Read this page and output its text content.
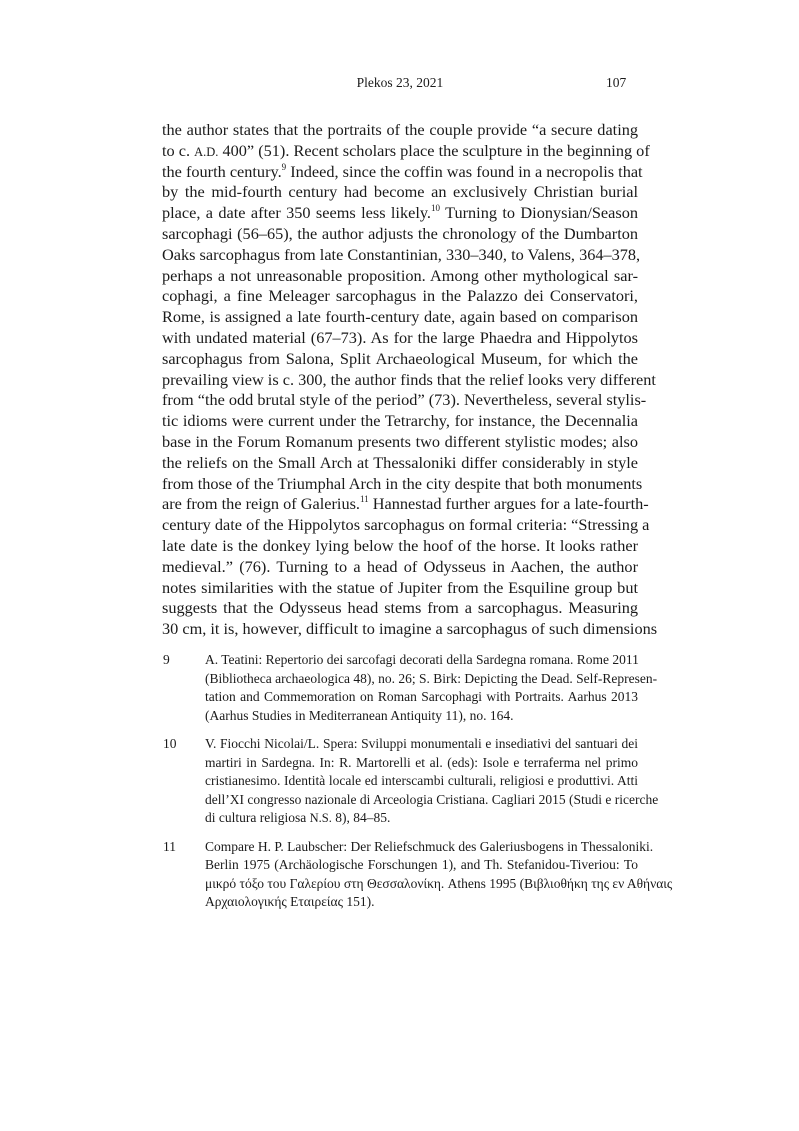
Plekos 23, 2021	107
the author states that the portraits of the couple provide “a secure dating
to c. A.D. 400” (51). Recent scholars place the sculpture in the beginning of
the fourth century.$^9$ Indeed, since the coffin was found in a necropolis that
by the mid-fourth century had become an exclusively Christian burial
place, a date after 350 seems less likely.$^{10}$ Turning to Dionysian/Season
sarcophagi (56–65), the author adjusts the chronology of the Dumbarton
Oaks sarcophagus from late Constantinian, 330–340, to Valens, 364–378,
perhaps a not unreasonable proposition. Among other mythological sar-
cophagi, a fine Meleager sarcophagus in the Palazzo dei Conservatori,
Rome, is assigned a late fourth-century date, again based on comparison
with undated material (67–73). As for the large Phaedra and Hippolytos
sarcophagus from Salona, Split Archaeological Museum, for which the
prevailing view is c. 300, the author finds that the relief looks very different
from “the odd brutal style of the period” (73). Nevertheless, several stylis-
tic idioms were current under the Tetrarchy, for instance, the Decennalia
base in the Forum Romanum presents two different stylistic modes; also
the reliefs on the Small Arch at Thessaloniki differ considerably in style
from those of the Triumphal Arch in the city despite that both monuments
are from the reign of Galerius.$^{11}$ Hannestad further argues for a late-fourth-
century date of the Hippolytos sarcophagus on formal criteria: “Stressing a
late date is the donkey lying below the hoof of the horse. It looks rather
medieval.” (76). Turning to a head of Odysseus in Aachen, the author
notes similarities with the statue of Jupiter from the Esquiline group but
suggests that the Odysseus head stems from a sarcophagus. Measuring
30 cm, it is, however, difficult to imagine a sarcophagus of such dimensions
9	A. Teatini: Repertorio dei sarcofagi decorati della Sardegna romana. Rome 2011
(Bibliotheca archaeologica 48), no. 26; S. Birk: Depicting the Dead. Self-Represen-
tation and Commemoration on Roman Sarcophagi with Portraits. Aarhus 2013
(Aarhus Studies in Mediterranean Antiquity 11), no. 164.
10 V. Fiocchi Nicolai/L. Spera: Sviluppi monumentali e insediativi del santuari dei
martiri in Sardegna. In: R. Martorelli et al. (eds): Isole e terraferma nel primo
cristianesimo. Identità locale ed interscambi culturali, religiosi e produttivi. Atti
dell’XI congresso nazionale di Arceologia Cristiana. Cagliari 2015 (Studi e ricerche
di cultura religiosa N.S. 8), 84–85.
11 Compare H. P. Laubscher: Der Reliefschmuck des Galeriusbogens in Thessaloniki.
Berlin 1975 (Archäologische Forschungen 1), and Th. Stefanidou-Tiveriou: Το
μικρό τόξο του Γαλερίου στη Θεσσαλονίκη. Athens 1995 (Βιβλιοθήκη της εν Αθήναις
Αρχαιολογικής Εταιρείας 151).
